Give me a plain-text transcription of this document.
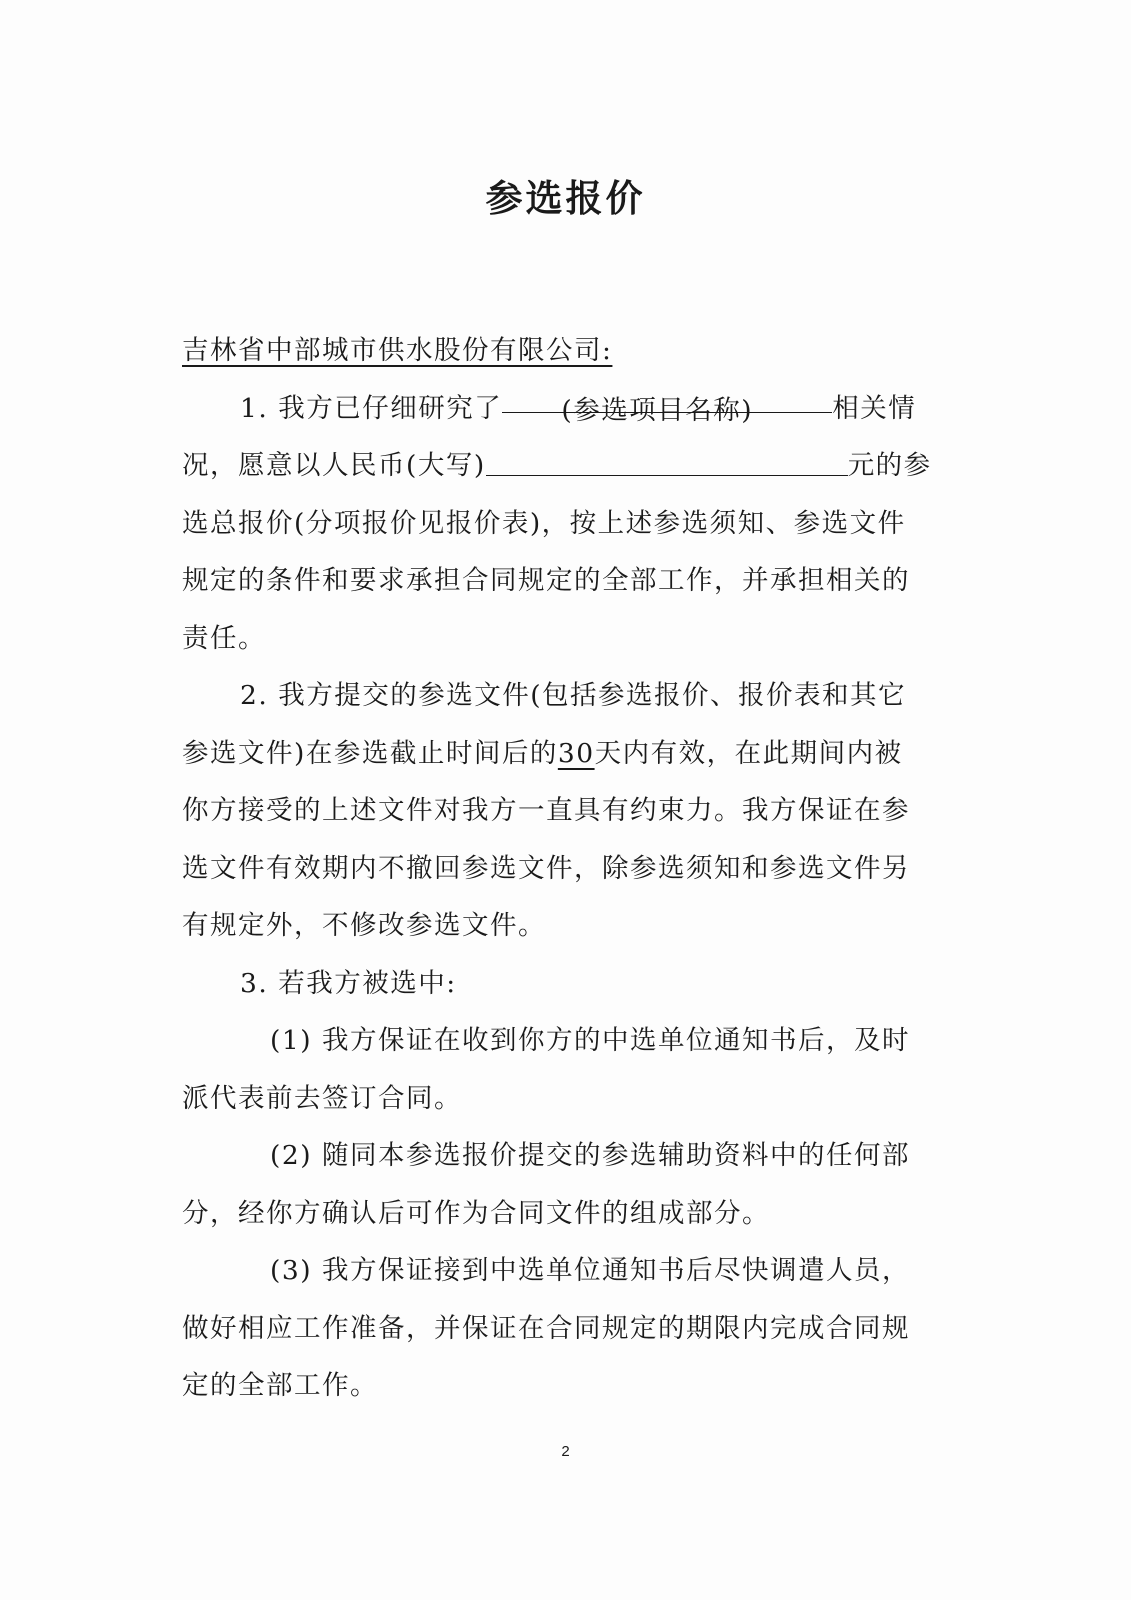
参选报价
吉林省中部城市供水股份有限公司:
1. 我方已仔细研究了 (参选项目名称)	相关情
况，愿意以人民币(大写)	元的参
选总报价(分项报价见报价表)，按上述参选须知、参选文件
规定的条件和要求承担合同规定的全部工作，并承担相关的
责任。
2. 我方提交的参选文件(包括参选报价、报价表和其它
参选文件)在参选截止时间后的30天内有效，在此期间内被
你方接受的上述文件对我方一直具有约束力。我方保证在参
选文件有效期内不撤回参选文件，除参选须知和参选文件另
有规定外，不修改参选文件。
3. 若我方被选中:
(1) 我方保证在收到你方的中选单位通知书后，及时
派代表前去签订合同。
(2) 随同本参选报价提交的参选辅助资料中的任何部
分，经你方确认后可作为合同文件的组成部分。
(3) 我方保证接到中选单位通知书后尽快调遣人员，
做好相应工作准备，并保证在合同规定的期限内完成合同规
定的全部工作。
2
